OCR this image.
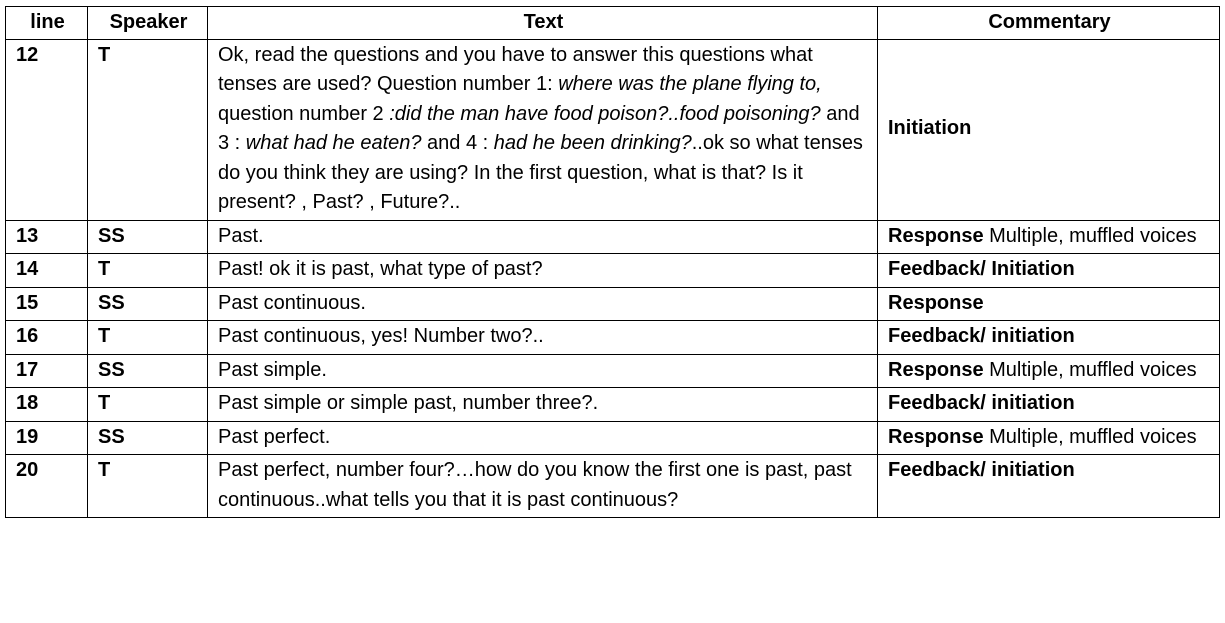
line	Speaker	Text	Commentary
12	T	Ok, read the questions and you have to answer this questions what tenses are used? Question number 1: where was the plane flying to, question number 2 :did the man have food poison?..food poisoning? and 3 : what had he eaten? and 4 : had he been drinking?..ok so what tenses do you think they are using? In the first question, what is that? Is it present? , Past? , Future?..	Initiation
13	SS	Past.	Response Multiple, muffled voices
14	T	Past! ok it is past, what type of past?	Feedback/ Initiation
15	SS	Past continuous.	Response
16	T	Past continuous, yes! Number two?..	Feedback/ initiation
17	SS	Past simple.	Response Multiple, muffled voices
18	T	Past simple or simple past, number three?.	Feedback/ initiation
19	SS	Past perfect.	Response Multiple, muffled voices
20	T	Past perfect, number four?…how do you know the first one is past, past continuous..what tells you that it is past continuous?	Feedback/ initiation
